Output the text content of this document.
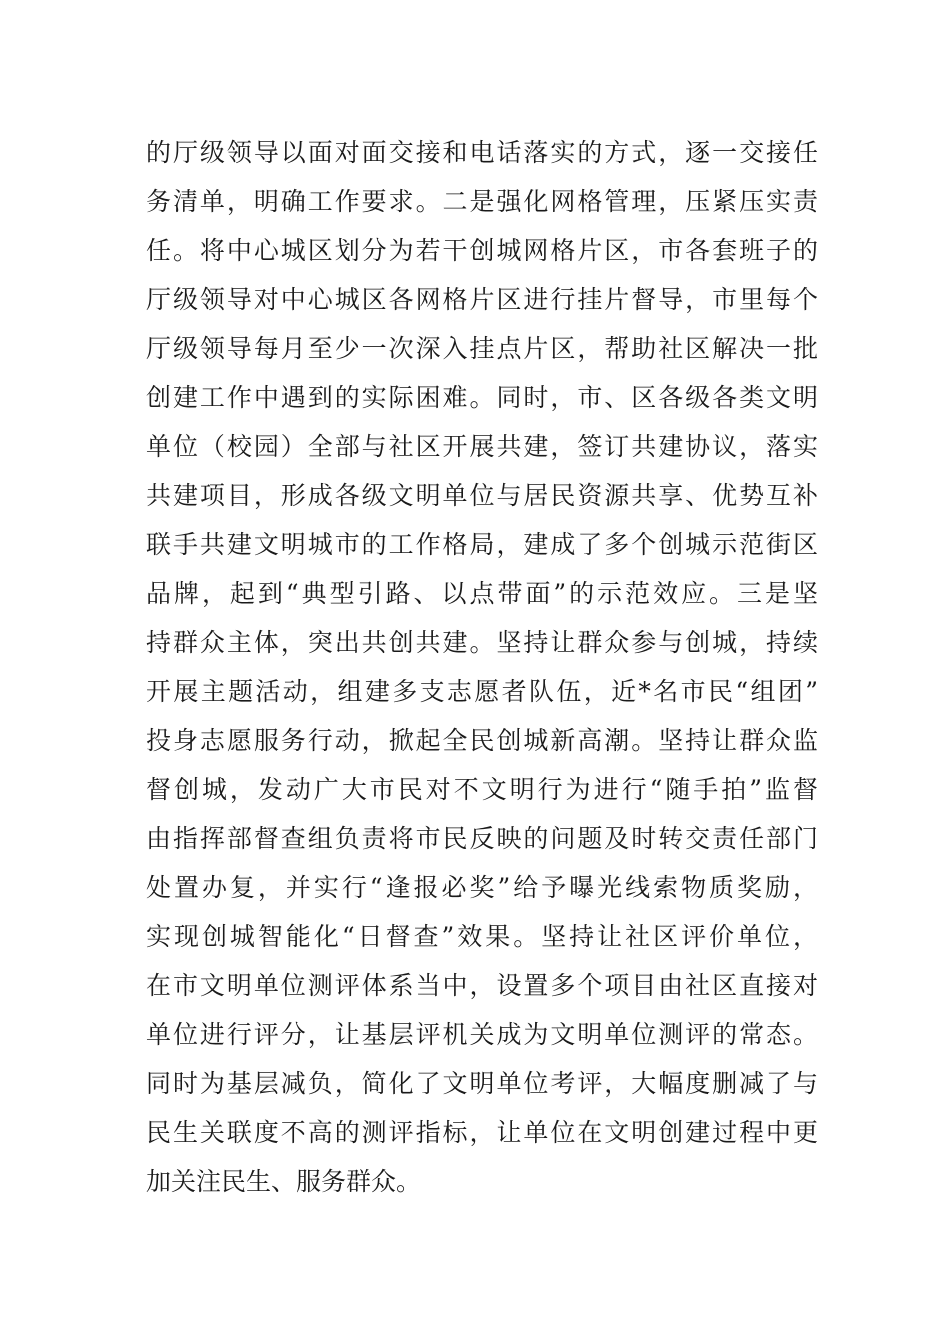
的厅级领导以面对面交接和电话落实的方式，逐一交接任
务清单，明确工作要求。二是强化网格管理，压紧压实责
任。将中心城区划分为若干创城网格片区，市各套班子的
厅级领导对中心城区各网格片区进行挂片督导，市里每个
厅级领导每月至少一次深入挂点片区，帮助社区解决一批
创建工作中遇到的实际困难。同时，市、区各级各类文明
单位（校园）全部与社区开展共建，签订共建协议，落实
共建项目，形成各级文明单位与居民资源共享、优势互补
联手共建文明城市的工作格局，建成了多个创城示范街区
品牌，起到“典型引路、以点带面”的示范效应。三是坚
持群众主体，突出共创共建。坚持让群众参与创城，持续
开展主题活动，组建多支志愿者队伍，近*名市民“组团”
投身志愿服务行动，掀起全民创城新高潮。坚持让群众监
督创城，发动广大市民对不文明行为进行“随手拍”监督
由指挥部督查组负责将市民反映的问题及时转交责任部门
处置办复，并实行“逢报必奖”给予曝光线索物质奖励，
实现创城智能化“日督查”效果。坚持让社区评价单位，
在市文明单位测评体系当中，设置多个项目由社区直接对
单位进行评分，让基层评机关成为文明单位测评的常态。
同时为基层减负，简化了文明单位考评，大幅度删减了与
民生关联度不高的测评指标，让单位在文明创建过程中更
加关注民生、服务群众。
